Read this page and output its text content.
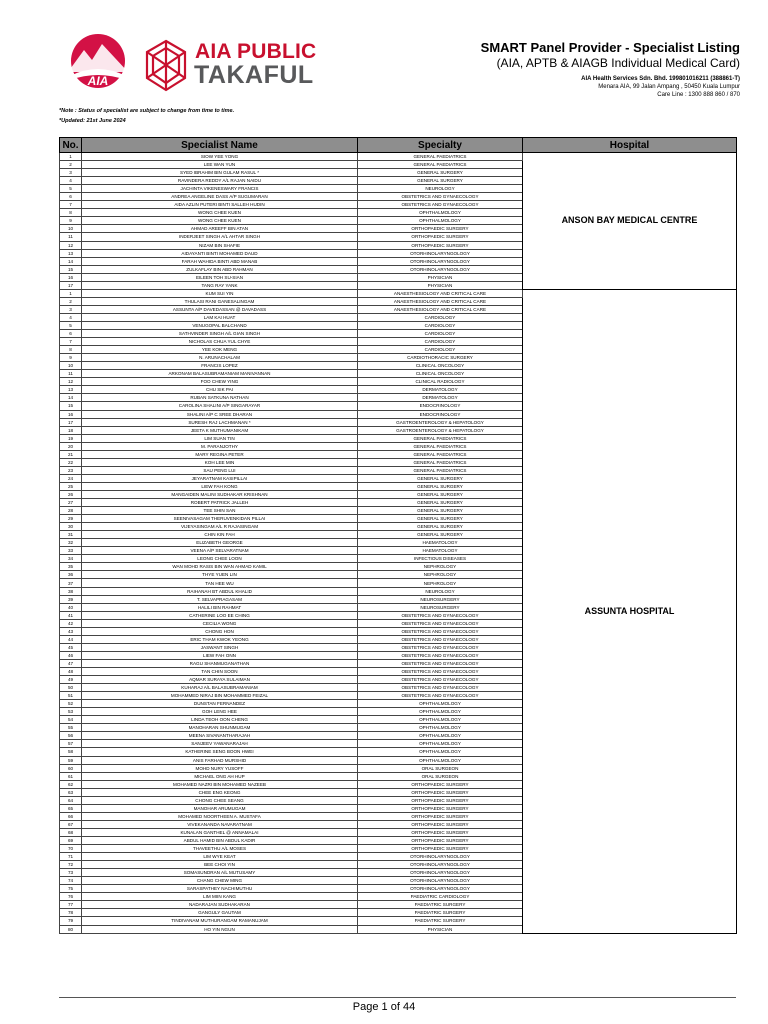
AIA
AIA PUBLIC
TAKAFUL
SMART Panel Provider - Specialist Listing
(AIA, APTB & AIAGB Individual Medical Card)
AIA Health Services Sdn. Bhd. 199801016211 (388861-T)
Menara AIA, 99 Jalan Ampang , 50450 Kuala Lumpur
Care Line : 1300 888 860 / 870
*Note : Status of specialist are subject to change from time to time.
*Updated: 21st June 2024
No.	Specialist Name	Specialty	Hospital
1	SIOW YEE YONG	GENERAL PAEDIATRICS	ANSON BAY MEDICAL CENTRE
2	LEE WAN YUN	GENERAL PAEDIATRICS	
3	SYED IBRAHIM BIN GULAM RASUL *	GENERAL SURGERY	
4	RAVINDERA REDDY A/L RAJAN NAIDU	GENERAL SURGERY	
5	JACHINTA VIKENESWARY FRANCIS	NEUROLOGY	
6	ANDREA ANGELINE DASS A/P SUGUMARAN	OBSTETRICS AND GYNAECOLOGY	
7	AIDA AZLIN PUTERI BINTI SALLEH HUDIN	OBSTETRICS AND GYNAECOLOGY	
8	WONG CHEE KUEN	OPHTHALMOLOGY	
9	WONG CHEE KUEN	OPHTHALMOLOGY	
10	AHMAD AREEFF BIN ATAN	ORTHOPAEDIC SURGERY	
11	INDERJEET SINGH A/L AHTAR SINGH	ORTHOPAEDIC SURGERY	
12	NIZAM BIN SHAFIE	ORTHOPAEDIC SURGERY	
13	AIDAYANTI BINTI MOHAMED DAUD	OTORHINOLARYNGOLOGY	
14	FARAH WAHIDA BINTI ABD MANAB	OTORHINOLARYNGOLOGY	
15	ZULKAFLAY BIN ABD RAHMAN	OTORHINOLARYNGOLOGY	
16	EILEEN TOH SU-SIAN	PHYSICIAN	
17	TANG RAY YANK	PHYSICIAN	
1	KUM SUI YIN	ANAESTHESIOLOGY AND CRITICAL CARE	ASSUNTA HOSPITAL
2	THULASI RANI GANESALINGAM	ANAESTHESIOLOGY AND CRITICAL CARE	
3	ASSUNTA A/P DAVEDASSAN @ DAVADASS	ANAESTHESIOLOGY AND CRITICAL CARE	
4	LAM KAI HUAT	CARDIOLOGY	
5	VENUGOPAL BALCHAND	CARDIOLOGY	
6	SATHVINDER SINGH A/L GIAN SINGH	CARDIOLOGY	
7	NICHOLAS CHUA YUL CHYE	CARDIOLOGY	
8	YEE KOK MENG	CARDIOLOGY	
9	N. ARUNACHALAM	CARDIOTHORACIC SURGERY	
10	FRANCIS LOPEZ	CLINICAL ONCOLOGY	
11	ARKONAM BALASUBRAMANIAM MANIVANNAN	CLINICAL ONCOLOGY	
12	FOO CHEW YING	CLINICAL RADIOLOGY	
13	CHU SIK PAI	DERMATOLOGY	
14	RUBAN SATKUNA NATHAN	DERMATOLOGY	
15	CAROLINA SHALINI A/P SINGARAYAR	ENDOCRINOLOGY	
16	SHALINI A/P C SREE DHARAN	ENDOCRINOLOGY	
17	SURESH RAJ LACHMANAN *	GASTROENTEROLOGY & HEPATOLOGY	
18	JEETA K MUTHUMANIKAM	GASTROENTEROLOGY & HEPATOLOGY	
19	LIM SUAN TIN	GENERAL PAEDIATRICS	
20	M. PARANJOTHY	GENERAL PAEDIATRICS	
21	MARY REGINA PETER	GENERAL PAEDIATRICS	
22	KOH LEE MIN	GENERAL PAEDIATRICS	
23	SAU PENG LUI	GENERAL PAEDIATRICS	
24	JEYARATNAM KASIPILLAI	GENERAL SURGERY	
25	LIEW FAH KONG	GENERAL SURGERY	
26	MANGAIDEN MALINI SUDHAKAR KRISHNAN	GENERAL SURGERY	
27	ROBERT PATRICK JALLEH	GENERAL SURGERY	
28	TEE SHIN SAN	GENERAL SURGERY	
29	SEENIVASAGAM THERUVENKIDAN PILLAI	GENERAL SURGERY	
30	VIJEYASINGAM A/L R RAJASINGAM	GENERAL SURGERY	
31	CHIN KIN FAH	GENERAL SURGERY	
32	ELIZABETH GEORGE	HAEMATOLOGY	
33	VEENA A/P SELVARATNAM	HAEMATOLOGY	
34	LEONG CHEE LOON	INFECTIOUS DISEASES	
35	WAN MOHD RASIS BIN WAN AHMAD KAMIL	NEPHROLOGY	
36	THYE YUEN LIN	NEPHROLOGY	
37	TAN HEE WU	NEPHROLOGY	
38	RAIHANAH BT ABDUL KHALID	NEUROLOGY	
39	T. SELVAPRAGASAM	NEUROSURGERY	
40	HALILI BIN RAHMAT	NEUROSURGERY	
41	CATHERINE LOO EE CHING	OBSTETRICS AND GYNAECOLOGY	
42	CECILIA WONG	OBSTETRICS AND GYNAECOLOGY	
43	CHONG HON	OBSTETRICS AND GYNAECOLOGY	
44	ERIC THAM KWOK YEONG	OBSTETRICS AND GYNAECOLOGY	
45	JASWANT SINGH	OBSTETRICS AND GYNAECOLOGY	
46	LIEW FAH ONN	OBSTETRICS AND GYNAECOLOGY	
47	RAGU SHANMUGANATHAN	OBSTETRICS AND GYNAECOLOGY	
48	TAN CHIN SOON	OBSTETRICS AND GYNAECOLOGY	
49	AQMAR SURAYA SULAIMAN	OBSTETRICS AND GYNAECOLOGY	
50	KUHARAJ A/L BALASUBRAMANIAM	OBSTETRICS AND GYNAECOLOGY	
51	MOHAMMED NIRAJ BIN MOHAMMED FEIZAL	OBSTETRICS AND GYNAECOLOGY	
52	DUNSTAN FERNANDEZ	OPHTHALMOLOGY	
53	GOH LENG HEE	OPHTHALMOLOGY	
54	LINDA TEOH OON CHENG	OPHTHALMOLOGY	
55	MANOHARAN SHUNMUGAM	OPHTHALMOLOGY	
56	MEENA SIVANANTHARAJAH	OPHTHALMOLOGY	
57	SANJEEV YAWANARAJAH	OPHTHALMOLOGY	
58	KATHERINE SENG BOON HWEI	OPHTHALMOLOGY	
59	ANIS FARHAD MURSHID	OPHTHALMOLOGY	
60	MOHD NURY YUSOFF	ORAL SURGEON	
61	MICHAEL ONG AH HUP	ORAL SURGEON	
62	MOHAMED NAZRI BIN MOHAMED NAZEEB	ORTHOPAEDIC SURGERY	
63	CHEE ENG KEONG	ORTHOPAEDIC SURGERY	
64	CHONG CHEE SEANG	ORTHOPAEDIC SURGERY	
65	MANOHAR ARUMUGAM	ORTHOPAEDIC SURGERY	
66	MOHAMED NOORTHEEN A. MUSTAFA	ORTHOPAEDIC SURGERY	
67	VIVEKANANDA NAVARATNAM	ORTHOPAEDIC SURGERY	
68	KUNALAN GANTHEL @ ANNAMALAI	ORTHOPAEDIC SURGERY	
69	ABDUL HAMID BIN ABDUL KADIR	ORTHOPAEDIC SURGERY	
70	THAVEETHU A/L MOSES	ORTHOPAEDIC SURGERY	
71	LIM WYE KEAT	OTORHINOLARYNGOLOGY	
72	BEE CHOI YIN	OTORHINOLARYNGOLOGY	
73	SOMASUNDRAN A/L MUTUSAMY	OTORHINOLARYNGOLOGY	
74	CHANG CHEW MING	OTORHINOLARYNGOLOGY	
75	SARASPATHEY NACHIMUTHU	OTORHINOLARYNGOLOGY	
76	LIM MIIN KANG	PAEDIATRIC CARDIOLOGY	
77	NADARAJAN SUDHAKARAN	PAEDIATRIC SURGERY	
78	GANGULY GAUTAM	PAEDIATRIC SURGERY	
79	TINDIVANAM MUTHURANGAM RAMANUJAM	PAEDIATRIC SURGERY	
80	HO YIN NGUN	PHYSICIAN	
Page 1 of 44
